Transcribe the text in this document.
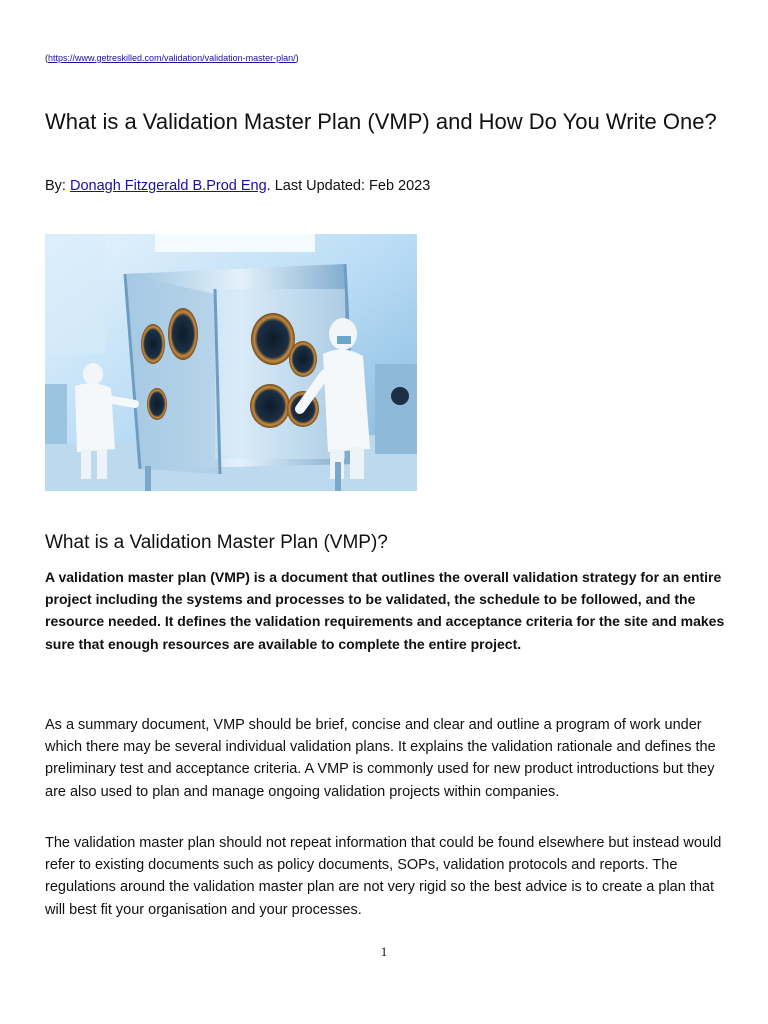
(https://www.getreskilled.com/validation/validation-master-plan/)
What is a Validation Master Plan (VMP) and How Do You Write One?
By: Donagh Fitzgerald B.Prod Eng. Last Updated: Feb 2023
What is a Validation Master Plan (VMP)?

A validation master plan (VMP) is a document that outlines the overall validation strategy for an entire project including the systems and processes to be validated, the schedule to be followed, and the resource needed. It defines the validation requirements and acceptance criteria for the site and makes sure that enough resources are available to complete the entire project.

As a summary document, VMP should be brief, concise and clear and outline a program of work under which there may be several individual validation plans. It explains the validation rationale and defines the preliminary test and acceptance criteria. A VMP is commonly used for new product introductions but they are also used to plan and manage ongoing validation projects within companies.

The validation master plan should not repeat information that could be found elsewhere but instead would refer to existing documents such as policy documents, SOPs, validation protocols and reports. The regulations around the validation master plan are not very rigid so the best advice is to create a plan that will best fit your organisation and your processes.

1
